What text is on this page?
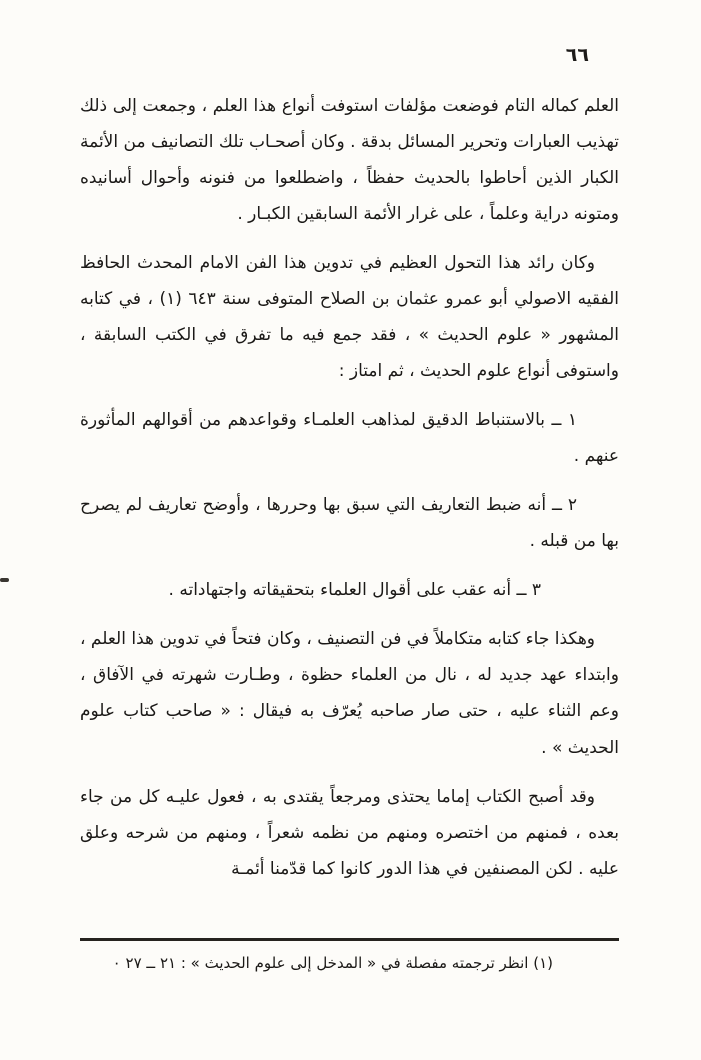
٦٦

العلم كماله التام فوضعت مؤلفات استوفت أنواع هذا العلم ، وجمعت إلى ذلك تهذيب العبارات وتحرير المسائل بدقة . وكان أصحـاب تلك التصانيف من الأئمة الكبار الذين أحاطوا بالحديث حفظاً ، واضطلعوا من فنونه وأحوال أسانيده ومتونه دراية وعلماً ، على غرار الأئمة السابقين الكبـار .

وكان رائد هذا التحول العظيم في تدوين هذا الفن الامام المحدث الحافظ الفقيه الاصولي أبو عمرو عثمان بن الصلاح المتوفى سنة ٦٤٣ (١) ، في كتابه المشهور « علوم الحديث » ، فقد جمع فيه ما تفرق في الكتب السابقة ، واستوفى أنواع علوم الحديث ، ثم امتاز :

١ ــ بالاستنباط الدقيق لمذاهب العلمـاء وقواعدهم من أقوالهم المأثورة عنهم .

٢ ــ أنه ضبط التعاريف التي سبق بها وحررها ، وأوضح تعاريف لم يصرح بها من قبله .

٣ ــ أنه عقب على أقوال العلماء بتحقيقاته واجتهاداته .

وهكذا جاء كتابه متكاملاً في فن التصنيف ، وكان فتحاً في تدوين هذا العلم ، وابتداء عهد جديد له ، نال من العلماء حظوة ، وطـارت شهرته في الآفاق ، وعم الثناء عليه ، حتى صار صاحبه يُعرّف به فيقال : « صاحب كتاب علوم الحديث » .

وقد أصبح الكتاب إماما يحتذى ومرجعاً يقتدى به ، فعول عليـه كل من جاء بعده ، فمنهم من اختصره ومنهم من نظمه شعراً ، ومنهم من شرحه وعلق عليه . لكن المصنفين في هذا الدور كانوا كما قدّمنا أئمـة

(١) انظر ترجمته مفصلة في « المدخل إلى علوم الحديث » : ٢١ ــ ٢٧ ٠
